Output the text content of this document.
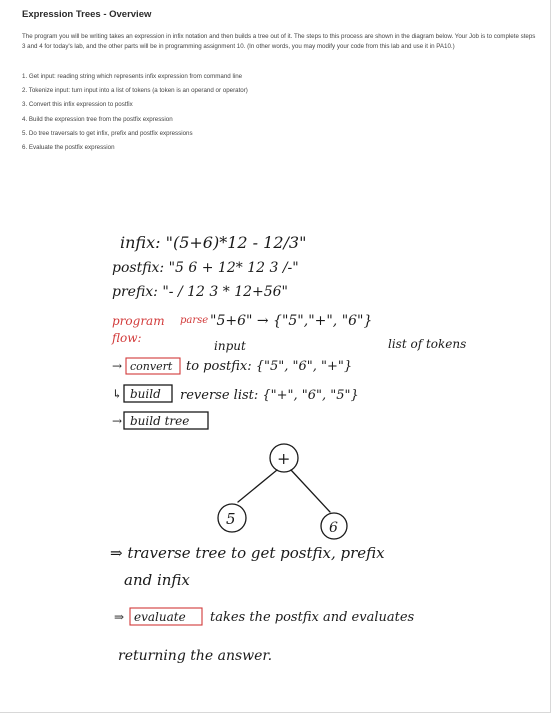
Expression Trees - Overview
The program you will be writing takes an expression in infix notation and then builds a tree out of it. The steps to this process are shown in the diagram below. Your Job is to complete steps 3 and 4 for today's lab, and the other parts will be in programming assignment 10. (In other words, you may modify your code from this lab and use it in PA10.)
1. Get input: reading string which represents infix expression from command line
2. Tokenize input: turn input into a list of tokens (a token is an operand or operator)
3. Convert this infix expression to postfix
4. Build the expression tree from the postfix expression
5. Do tree traversals to get infix, prefix and postfix expressions
6. Evaluate the postfix expression
infix: "(5+6)*12 - 12/3"
postfix: "5 6 + 12* 12 3 /-"
prefix: "- / 12 3 * 12+56"
program
flow:
parse "5+6" → {"5","+", "6"}
input	list of tokens
→ convert to postfix: {"5", "6", "+"}
↳ build reverse list: {"+", "6", "5"}
→ build tree
+
5	6
⇒ traverse tree to get postfix, prefix
and infix
⇒ evaluate takes the postfix and evaluates
returning the answer.
